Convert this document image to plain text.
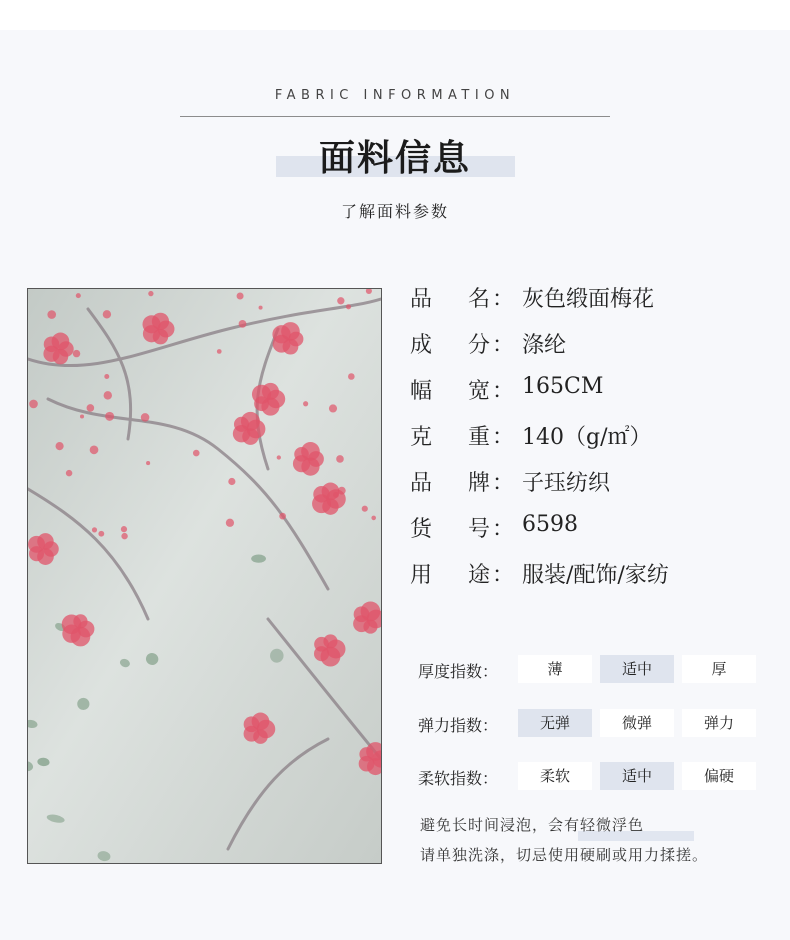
FABRIC INFORMATION
面料信息
了解面料参数
品 名 ： 灰色缎面梅花
成 分 ： 涤纶
幅 宽 ： 165CM
克 重 ： 140（g/㎡）
品 牌 ： 子珏纺织
货 号 ： 6598
用 途 ： 服装/配饰/家纺
厚度指数：	薄	适中	厚
弹力指数：	无弹	微弹	弹力
柔软指数：	柔软	适中	偏硬
避免长时间浸泡，会有轻微浮色
请单独洗涤，切忌使用硬刷或用力揉搓。
